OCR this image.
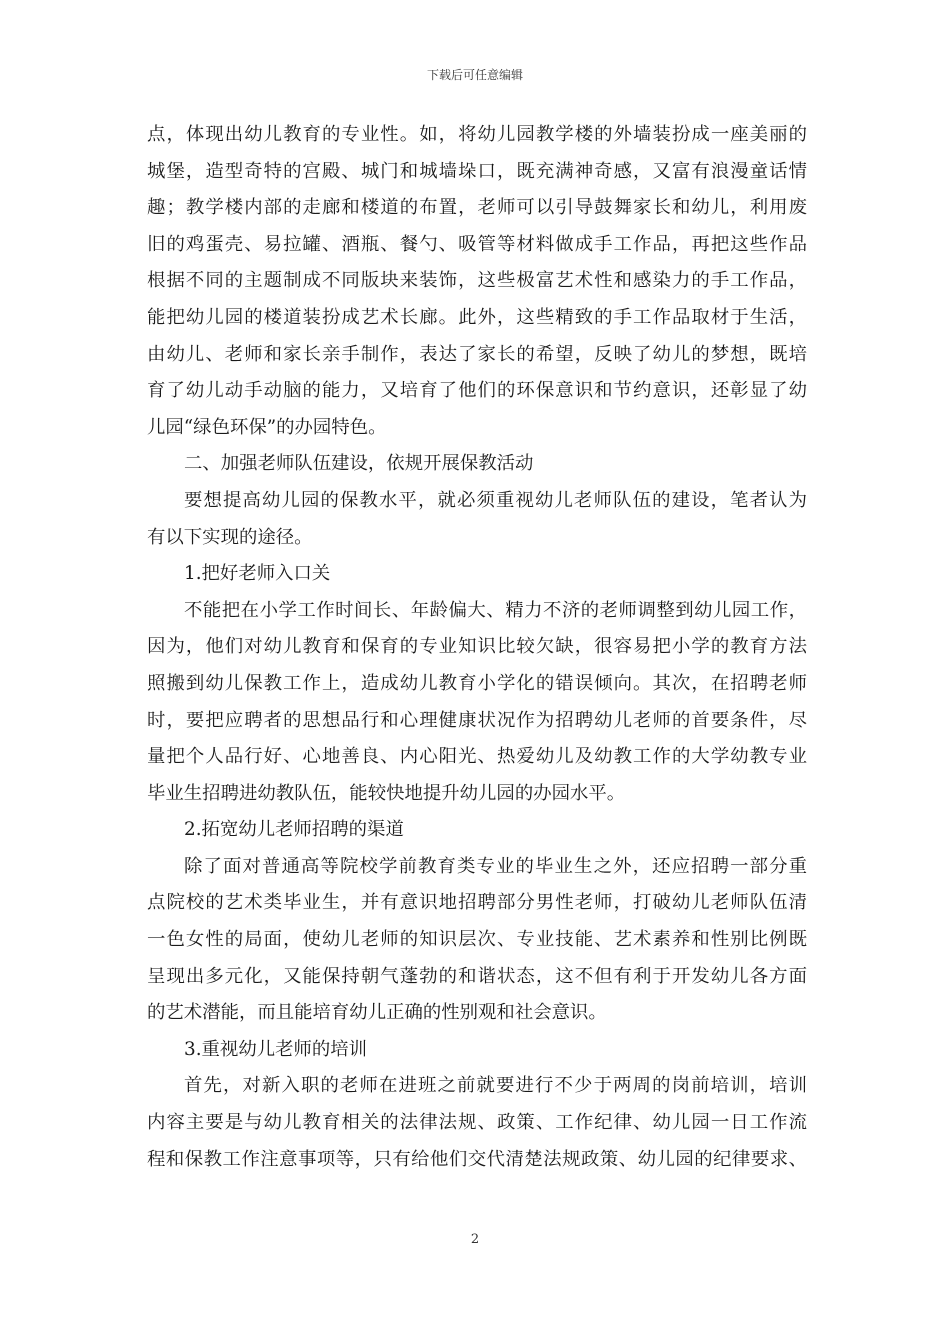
下载后可任意编辑
点，体现出幼儿教育的专业性。如，将幼儿园教学楼的外墙装扮成一座美丽的
城堡，造型奇特的宫殿、城门和城墙垛口，既充满神奇感，又富有浪漫童话情
趣；教学楼内部的走廊和楼道的布置，老师可以引导鼓舞家长和幼儿，利用废
旧的鸡蛋壳、易拉罐、酒瓶、餐勺、吸管等材料做成手工作品，再把这些作品
根据不同的主题制成不同版块来装饰，这些极富艺术性和感染力的手工作品，
能把幼儿园的楼道装扮成艺术长廊。此外，这些精致的手工作品取材于生活，
由幼儿、老师和家长亲手制作，表达了家长的希望，反映了幼儿的梦想，既培
育了幼儿动手动脑的能力，又培育了他们的环保意识和节约意识，还彰显了幼
儿园“绿色环保”的办园特色。
二、加强老师队伍建设，依规开展保教活动
要想提高幼儿园的保教水平，就必须重视幼儿老师队伍的建设，笔者认为
有以下实现的途径。
1.把好老师入口关
不能把在小学工作时间长、年龄偏大、精力不济的老师调整到幼儿园工作，
因为，他们对幼儿教育和保育的专业知识比较欠缺，很容易把小学的教育方法
照搬到幼儿保教工作上，造成幼儿教育小学化的错误倾向。其次，在招聘老师
时，要把应聘者的思想品行和心理健康状况作为招聘幼儿老师的首要条件，尽
量把个人品行好、心地善良、内心阳光、热爱幼儿及幼教工作的大学幼教专业
毕业生招聘进幼教队伍，能较快地提升幼儿园的办园水平。
2.拓宽幼儿老师招聘的渠道
除了面对普通高等院校学前教育类专业的毕业生之外，还应招聘一部分重
点院校的艺术类毕业生，并有意识地招聘部分男性老师，打破幼儿老师队伍清
一色女性的局面，使幼儿老师的知识层次、专业技能、艺术素养和性别比例既
呈现出多元化，又能保持朝气蓬勃的和谐状态，这不但有利于开发幼儿各方面
的艺术潜能，而且能培育幼儿正确的性别观和社会意识。
3.重视幼儿老师的培训
首先，对新入职的老师在进班之前就要进行不少于两周的岗前培训，培训
内容主要是与幼儿教育相关的法律法规、政策、工作纪律、幼儿园一日工作流
程和保教工作注意事项等，只有给他们交代清楚法规政策、幼儿园的纪律要求、
2
